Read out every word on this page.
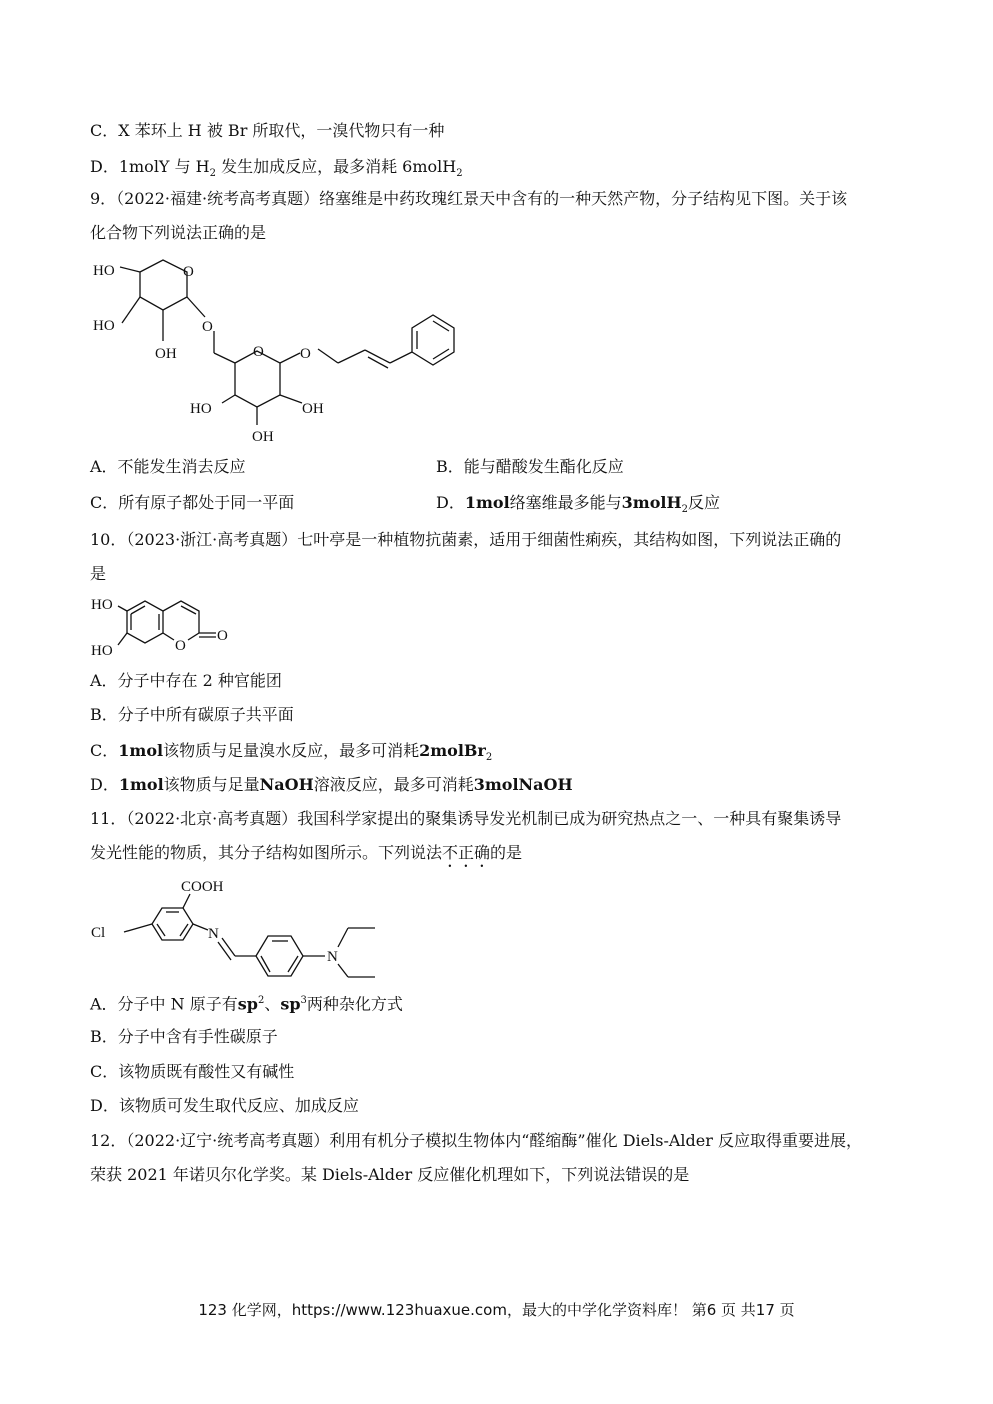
C．X 苯环上 H 被 Br 所取代，一溴代物只有一种
D．1molY 与 $H_2$ 发生加成反应，最多消耗 6molH$_2$
9．（2022·福建·统考高考真题）络塞维是中药玫瑰红景天中含有的一种天然产物，分子结构见下图。关于该
化合物下列说法正确的是
HO
HO
OH
O
O
O O
HO	OH
OH
A．不能发生消去反应	B．能与醋酸发生酯化反应
C．所有原子都处于同一平面	D．1mol络塞维最多能与3molH$_2$反应
10．（2023·浙江·高考真题）七叶亭是一种植物抗菌素，适用于细菌性痢疾，其结构如图，下列说法正确的
是
HO
HO	O
O
A．分子中存在 2 种官能团
B．分子中所有碳原子共平面
C．1mol该物质与足量溴水反应，最多可消耗2molBr$_2$
D．1mol该物质与足量NaOH溶液反应，最多可消耗3molNaOH
11．（2022·北京·高考真题）我国科学家提出的聚集诱导发光机制已成为研究热点之一、一种具有聚集诱导
发光性能的物质，其分子结构如图所示。下列说法不正确的是
COOH
Cl	N
N
A．分子中 N 原子有$sp^2$、$sp^3$两种杂化方式
B．分子中含有手性碳原子
C．该物质既有酸性又有碱性
D．该物质可发生取代反应、加成反应
12．（2022·辽宁·统考高考真题）利用有机分子模拟生物体内“醛缩酶”催化 Diels-Alder 反应取得重要进展，
荣获 2021 年诺贝尔化学奖。某 Diels-Alder 反应催化机理如下，下列说法错误的是
123 化学网，https://www.123huaxue.com，最大的中学化学资料库！ 第6 页 共17 页
